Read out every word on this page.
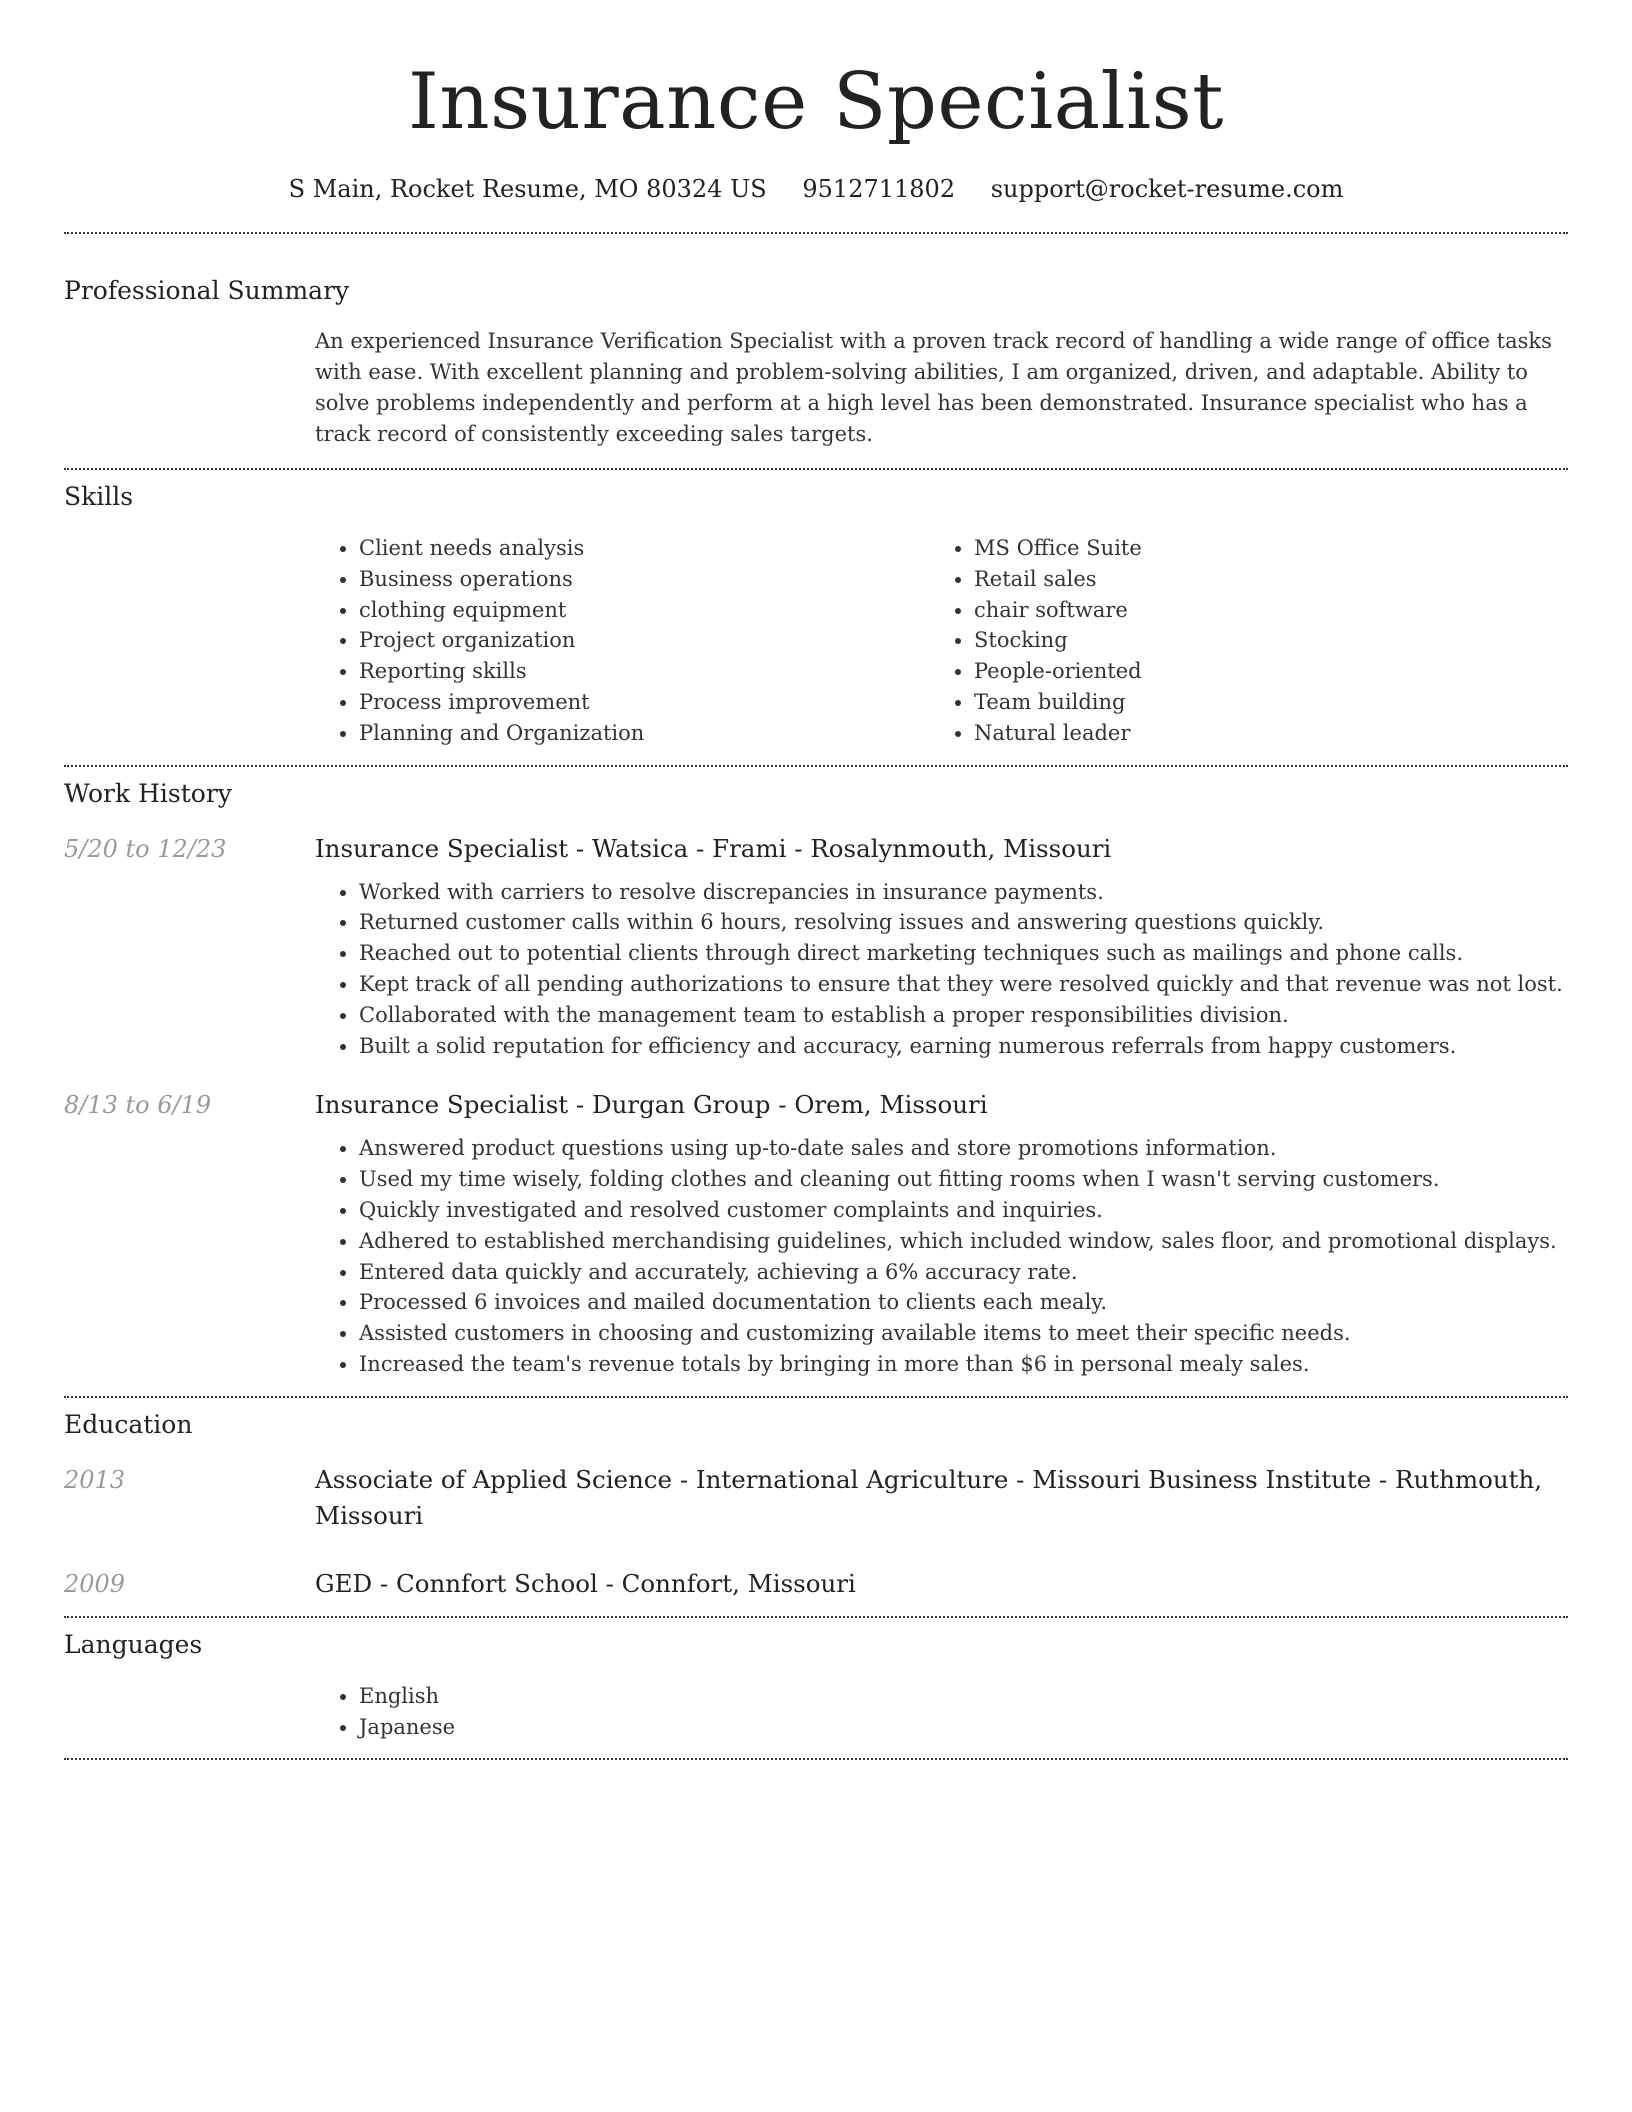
Insurance Specialist
S Main, Rocket Resume, MO 80324 US 9512711802 support@rocket-resume.com
Professional Summary
An experienced Insurance Verification Specialist with a proven track record of handling a wide range of office tasks with ease. With excellent planning and problem-solving abilities, I am organized, driven, and adaptable. Ability to solve problems independently and perform at a high level has been demonstrated. Insurance specialist who has a track record of consistently exceeding sales targets.
Skills
• Client needs analysis
• Business operations
• clothing equipment
• Project organization
• Reporting skills
• Process improvement
• Planning and Organization
• MS Office Suite
• Retail sales
• chair software
• Stocking
• People-oriented
• Team building
• Natural leader
Work History
5/20 to 12/23	Insurance Specialist - Watsica - Frami - Rosalynmouth, Missouri
• Worked with carriers to resolve discrepancies in insurance payments.
• Returned customer calls within 6 hours, resolving issues and answering questions quickly.
• Reached out to potential clients through direct marketing techniques such as mailings and phone calls.
• Kept track of all pending authorizations to ensure that they were resolved quickly and that revenue was not lost.
• Collaborated with the management team to establish a proper responsibilities division.
• Built a solid reputation for efficiency and accuracy, earning numerous referrals from happy customers.
8/13 to 6/19	Insurance Specialist - Durgan Group - Orem, Missouri
• Answered product questions using up-to-date sales and store promotions information.
• Used my time wisely, folding clothes and cleaning out fitting rooms when I wasn't serving customers.
• Quickly investigated and resolved customer complaints and inquiries.
• Adhered to established merchandising guidelines, which included window, sales floor, and promotional displays.
• Entered data quickly and accurately, achieving a 6% accuracy rate.
• Processed 6 invoices and mailed documentation to clients each mealy.
• Assisted customers in choosing and customizing available items to meet their specific needs.
• Increased the team's revenue totals by bringing in more than $6 in personal mealy sales.
Education
2013	Associate of Applied Science - International Agriculture - Missouri Business Institute - Ruthmouth, Missouri
2009	GED - Connfort School - Connfort, Missouri
Languages
• English
• Japanese
